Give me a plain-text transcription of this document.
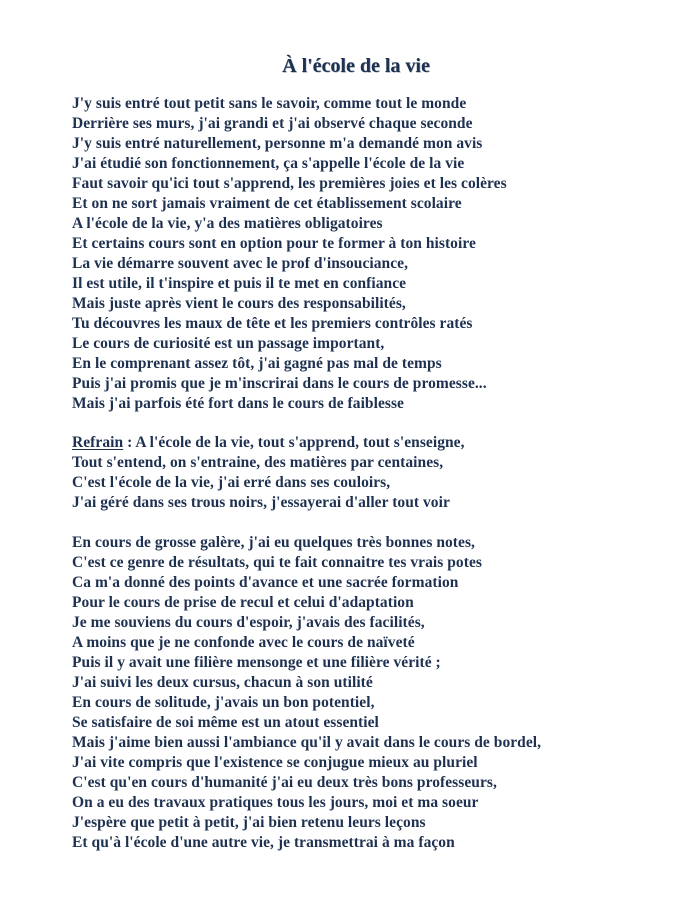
À l'école de la vie
J'y suis entré tout petit sans le savoir, comme tout le monde
Derrière ses murs, j'ai grandi et j'ai observé chaque seconde
J'y suis entré naturellement, personne m'a demandé mon avis
J'ai étudié son fonctionnement, ça s'appelle l'école de la vie
Faut savoir qu'ici tout s'apprend, les premières joies et les colères
Et on ne sort jamais vraiment de cet établissement scolaire
A l'école de la vie, y'a des matières obligatoires
Et certains cours sont en option pour te former à ton histoire
La vie démarre souvent avec le prof d'insouciance,
Il est utile, il t'inspire et puis il te met en confiance
Mais juste après vient le cours des responsabilités,
Tu découvres les maux de tête et les premiers contrôles ratés
Le cours de curiosité est un passage important,
En le comprenant assez tôt, j'ai gagné pas mal de temps
Puis j'ai promis que je m'inscrirai dans le cours de promesse...
Mais j'ai parfois été fort dans le cours de faiblesse
Refrain : A l'école de la vie, tout s'apprend, tout s'enseigne,
Tout s'entend, on s'entraine, des matières par centaines,
C'est l'école de la vie, j'ai erré dans ses couloirs,
J'ai géré dans ses trous noirs, j'essayerai d'aller tout voir
En cours de grosse galère, j'ai eu quelques très bonnes notes,
C'est ce genre de résultats, qui te fait connaitre tes vrais potes
Ca m'a donné des points d'avance et une sacrée formation
Pour le cours de prise de recul et celui d'adaptation
Je me souviens du cours d'espoir, j'avais des facilités,
A moins que je ne confonde avec le cours de naïveté
Puis il y avait une filière mensonge et une filière vérité ;
J'ai suivi les deux cursus, chacun à son utilité
En cours de solitude, j'avais un bon potentiel,
Se satisfaire de soi même est un atout essentiel
Mais j'aime bien aussi l'ambiance qu'il y avait dans le cours de bordel,
J'ai vite compris que l'existence se conjugue mieux au pluriel
C'est qu'en cours d'humanité j'ai eu deux très bons professeurs,
On a eu des travaux pratiques tous les jours, moi et ma soeur
J'espère que petit à petit, j'ai bien retenu leurs leçons
Et qu'à l'école d'une autre vie, je transmettrai à ma façon
